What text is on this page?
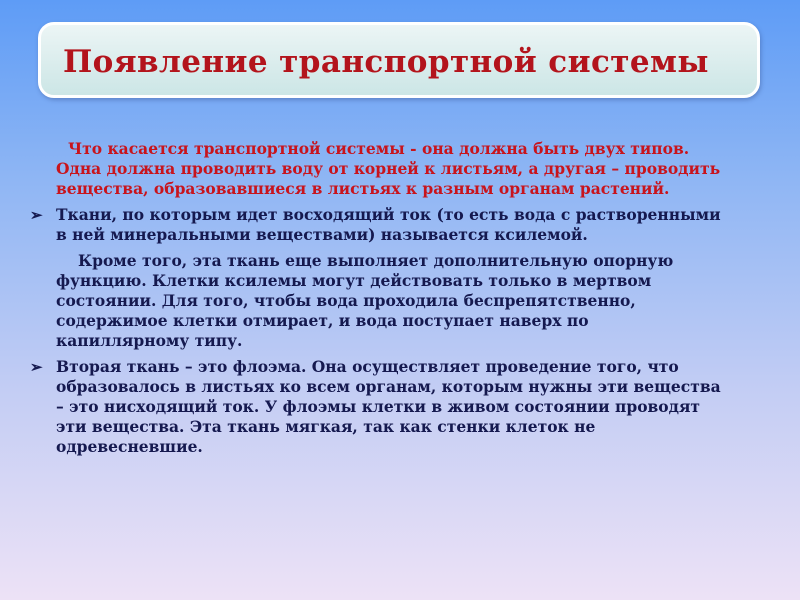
Появление транспортной системы

Что касается транспортной системы - она должна быть двух типов. Одна должна проводить воду от корней к листьям, а другая – проводить вещества, образовавшиеся в листьях к разным органам растений.

➢ Ткани, по которым идет восходящий ток (то есть вода с растворенными в ней минеральными веществами) называется ксилемой.

Кроме того, эта ткань еще выполняет дополнительную опорную функцию. Клетки ксилемы могут действовать только в мертвом состоянии. Для того, чтобы вода проходила беспрепятственно, содержимое клетки отмирает, и вода поступает наверх по капиллярному типу.

➢ Вторая ткань – это флоэма. Она осуществляет проведение того, что образовалось в листьях ко всем органам, которым нужны эти вещества – это нисходящий ток. У флоэмы клетки в живом состоянии проводят эти вещества. Эта ткань мягкая, так как стенки клеток не одревесневшие.
